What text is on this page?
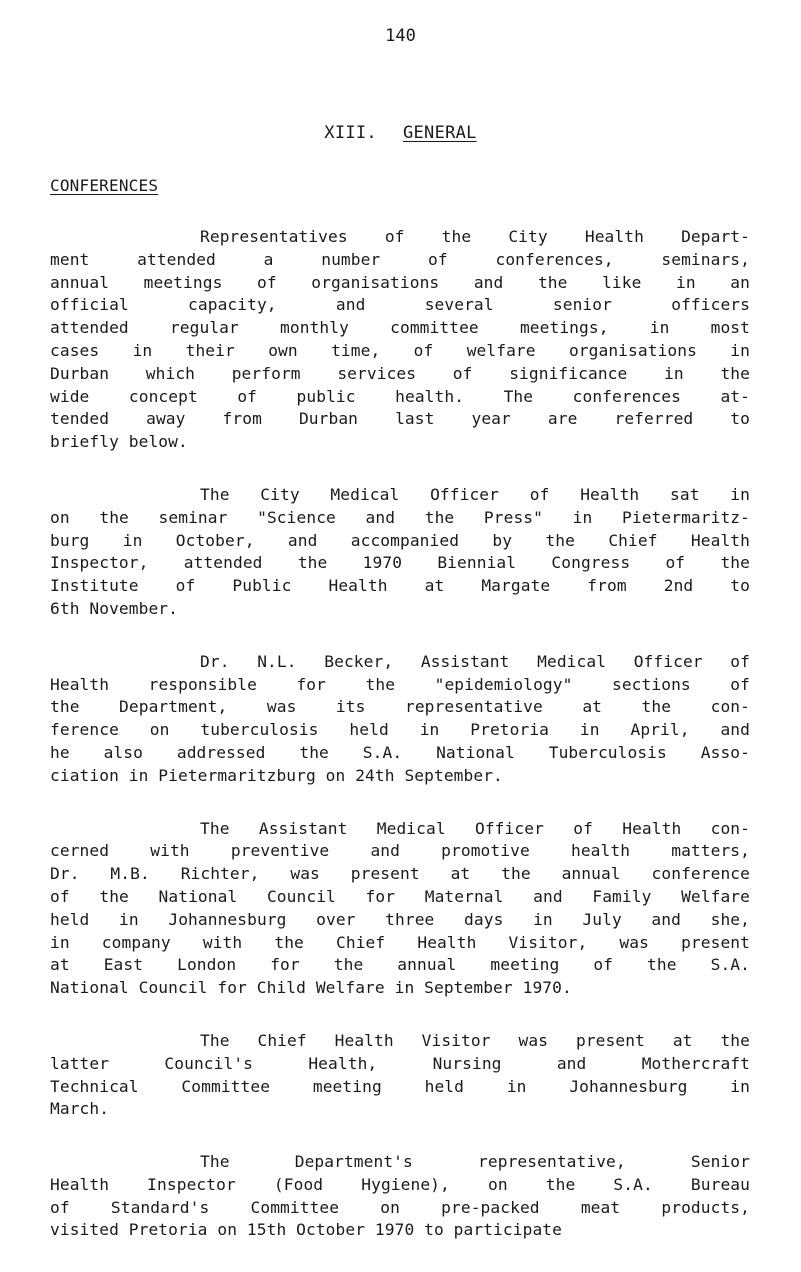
140
XIII. GENERAL
CONFERENCES
Representatives of the City Health Depart-
ment attended a number of conferences, seminars,
annual meetings of organisations and the like in an
official capacity, and several senior officers
attended regular monthly committee meetings, in most
cases in their own time, of welfare organisations in
Durban which perform services of significance in the
wide concept of public health. The conferences at-
tended away from Durban last year are referred to
briefly below.
The City Medical Officer of Health sat in
on the seminar "Science and the Press" in Pietermaritz-
burg in October, and accompanied by the Chief Health
Inspector, attended the 1970 Biennial Congress of the
Institute of Public Health at Margate from 2nd to
6th November.
Dr. N.L. Becker, Assistant Medical Officer of
Health responsible for the "epidemiology" sections of
the Department, was its representative at the con-
ference on tuberculosis held in Pretoria in April, and
he also addressed the S.A. National Tuberculosis Asso-
ciation in Pietermaritzburg on 24th September.
The Assistant Medical Officer of Health con-
cerned with preventive and promotive health matters,
Dr. M.B. Richter, was present at the annual conference
of the National Council for Maternal and Family Welfare
held in Johannesburg over three days in July and she,
in company with the Chief Health Visitor, was present
at East London for the annual meeting of the S.A.
National Council for Child Welfare in September 1970.
The Chief Health Visitor was present at the
latter Council's Health, Nursing and Mothercraft
Technical Committee meeting held in Johannesburg in
March.
The Department's representative, Senior
Health Inspector (Food Hygiene), on the S.A. Bureau
of Standard's Committee on pre-packed meat products,
visited Pretoria on 15th October 1970 to participate
